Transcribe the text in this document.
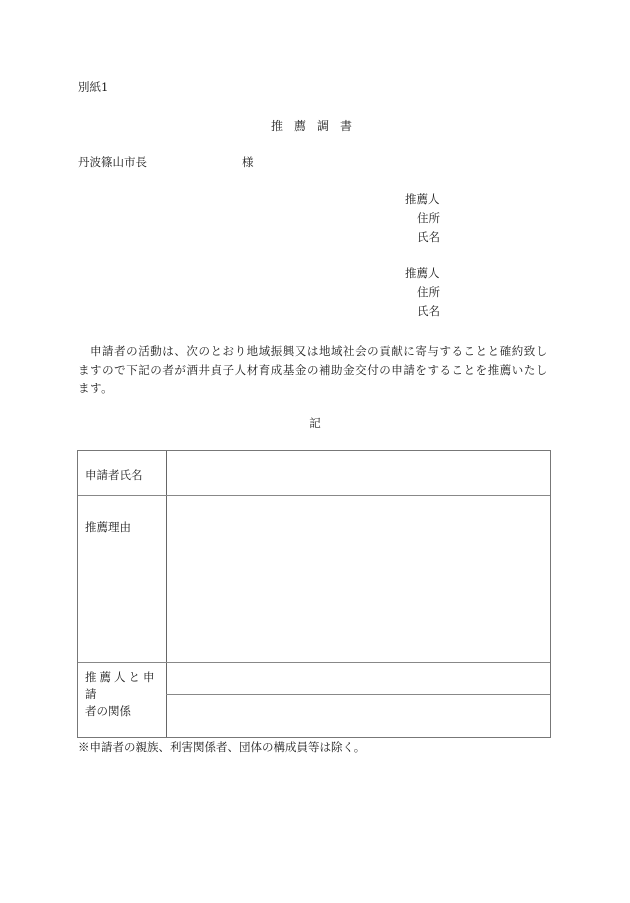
別紙1
推薦調書
丹波篠山市長	様
推薦人
住所
氏名
推薦人
住所
氏名
申請者の活動は、次のとおり地域振興又は地域社会の貢献に寄与することと確約致しますので下記の者が酒井貞子人材育成基金の補助金交付の申請をすることを推薦いたします。
記
申請者氏名
推薦理由
推薦人と申請
者の関係
※申請者の親族、利害関係者、団体の構成員等は除く。
